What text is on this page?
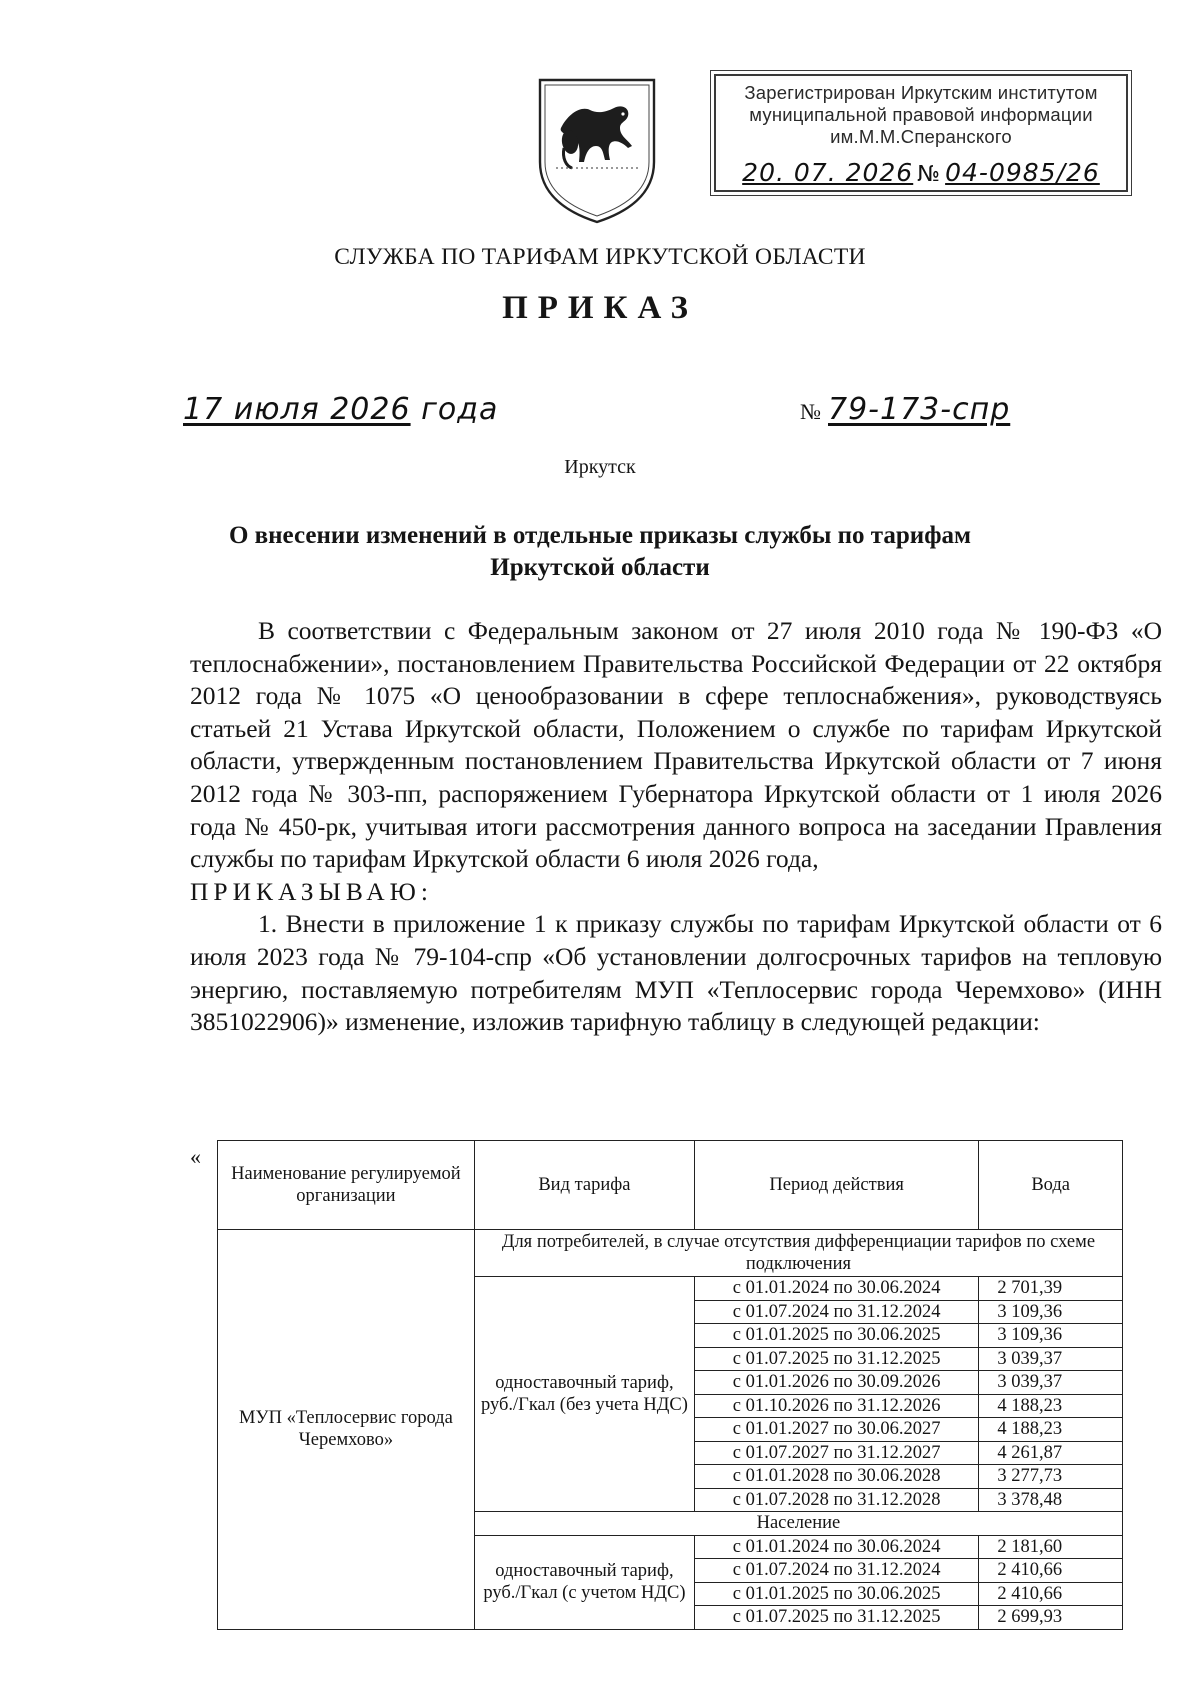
Зарегистрирован Иркутским институтом
муниципальной правовой информации
им.М.М.Сперанского
20. 07. 2026 № 04-0985/26
СЛУЖБА ПО ТАРИФАМ ИРКУТСКОЙ ОБЛАСТИ
ПРИКАЗ
17 июля 2026 года	№ 79-173-спр
Иркутск
О внесении изменений в отдельные приказы службы по тарифам
Иркутской области

В соответствии с Федеральным законом от 27 июля 2010 года № 190-ФЗ «О теплоснабжении», постановлением Правительства Российской Федерации от 22 октября 2012 года № 1075 «О ценообразовании в сфере теплоснабжения», руководствуясь статьей 21 Устава Иркутской области, Положением о службе по тарифам Иркутской области, утвержденным постановлением Правительства Иркутской области от 7 июня 2012 года № 303-пп, распоряжением Губернатора Иркутской области от 1 июля 2026 года № 450-рк, учитывая итоги рассмотрения данного вопроса на заседании Правления службы по тарифам Иркутской области 6 июля 2026 года,

ПРИКАЗЫВАЮ:

1. Внести в приложение 1 к приказу службы по тарифам Иркутской области от 6 июля 2023 года № 79-104-спр «Об установлении долгосрочных тарифов на тепловую энергию, поставляемую потребителям МУП «Теплосервис города Черемхово» (ИНН 3851022906)» изменение, изложив тарифную таблицу в следующей редакции:

«
Наименование регулируемой организации	Вид тарифа	Период действия	Вода
МУП «Теплосервис города Черемхово»	Для потребителей, в случае отсутствия дифференциации тарифов по схеме подключения		
	одноставочный тариф, руб./Гкал (без учета НДС)	с 01.01.2024 по 30.06.2024	2 701,39
		с 01.07.2024 по 31.12.2024	3 109,36
		с 01.01.2025 по 30.06.2025	3 109,36
		с 01.07.2025 по 31.12.2025	3 039,37
		с 01.01.2026 по 30.09.2026	3 039,37
		с 01.10.2026 по 31.12.2026	4 188,23
		с 01.01.2027 по 30.06.2027	4 188,23
		с 01.07.2027 по 31.12.2027	4 261,87
		с 01.01.2028 по 30.06.2028	3 277,73
		с 01.07.2028 по 31.12.2028	3 378,48
	Население		
	одноставочный тариф, руб./Гкал (с учетом НДС)	с 01.01.2024 по 30.06.2024	2 181,60
		с 01.07.2024 по 31.12.2024	2 410,66
		с 01.01.2025 по 30.06.2025	2 410,66
		с 01.07.2025 по 31.12.2025	2 699,93
